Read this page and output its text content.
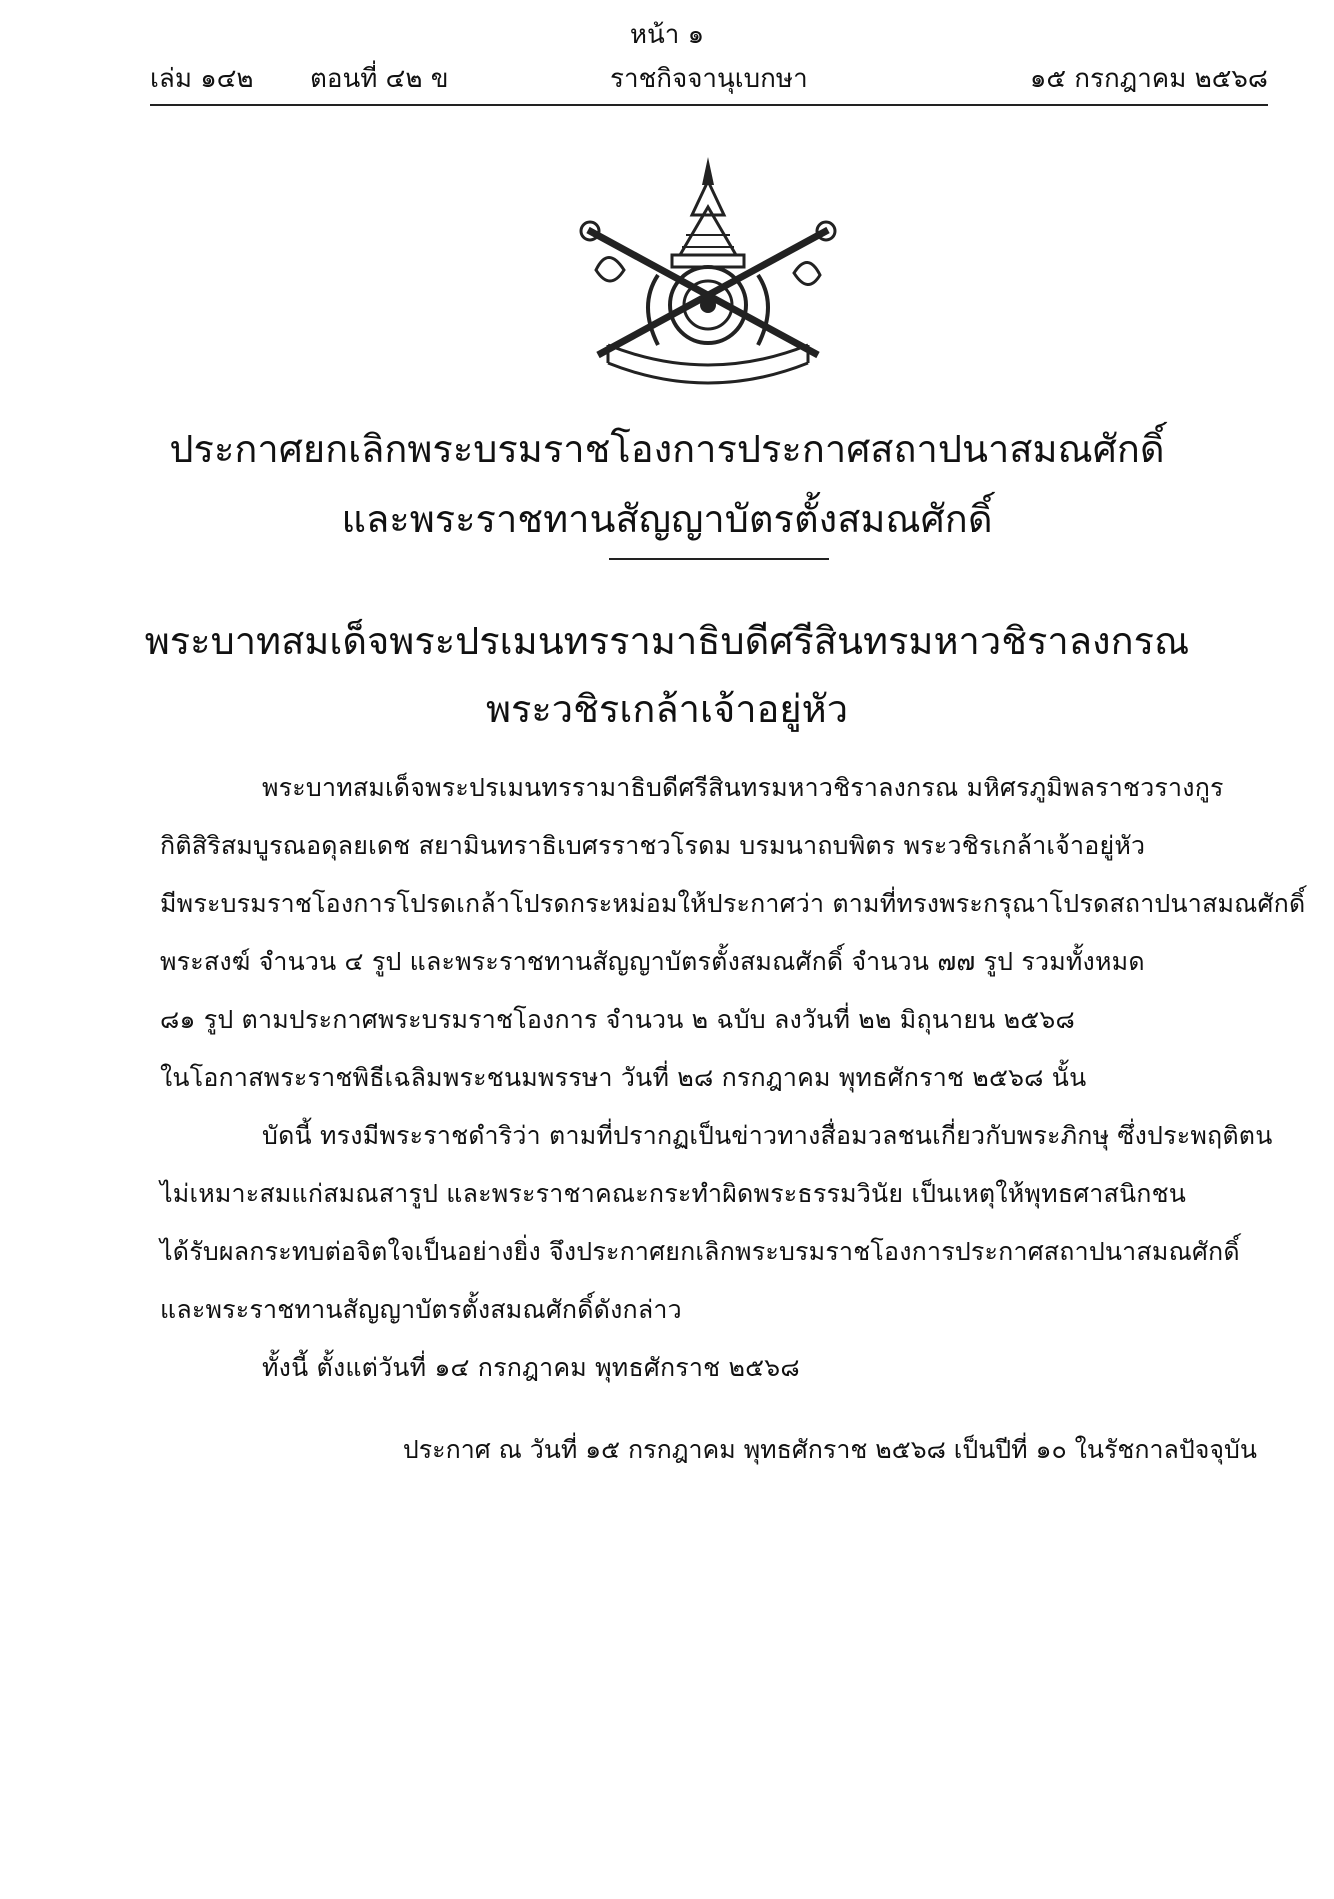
หน้า ๑
เล่ม ๑๔๒ ตอนที่ ๔๒ ข	ราชกิจจานุเบกษา	๑๕ กรกฎาคม ๒๕๖๘
ประกาศยกเลิกพระบรมราชโองการประกาศสถาปนาสมณศักดิ์
และพระราชทานสัญญาบัตรตั้งสมณศักดิ์
พระบาทสมเด็จพระปรเมนทรรามาธิบดีศรีสินทรมหาวชิราลงกรณ
พระวชิรเกล้าเจ้าอยู่หัว
พระบาทสมเด็จพระปรเมนทรรามาธิบดีศรีสินทรมหาวชิราลงกรณ มหิศรภูมิพลราชวรางกูร
กิติสิริสมบูรณอดุลยเดช สยามินทราธิเบศรราชวโรดม บรมนาถบพิตร พระวชิรเกล้าเจ้าอยู่หัว
มีพระบรมราชโองการโปรดเกล้าโปรดกระหม่อมให้ประกาศว่า ตามที่ทรงพระกรุณาโปรดสถาปนาสมณศักดิ์
พระสงฆ์ จำนวน ๔ รูป และพระราชทานสัญญาบัตรตั้งสมณศักดิ์ จำนวน ๗๗ รูป รวมทั้งหมด
๘๑ รูป ตามประกาศพระบรมราชโองการ จำนวน ๒ ฉบับ ลงวันที่ ๒๒ มิถุนายน ๒๕๖๘
ในโอกาสพระราชพิธีเฉลิมพระชนมพรรษา วันที่ ๒๘ กรกฎาคม พุทธศักราช ๒๕๖๘ นั้น
บัดนี้ ทรงมีพระราชดำริว่า ตามที่ปรากฏเป็นข่าวทางสื่อมวลชนเกี่ยวกับพระภิกษุ ซึ่งประพฤติตน
ไม่เหมาะสมแก่สมณสารูป และพระราชาคณะกระทำผิดพระธรรมวินัย เป็นเหตุให้พุทธศาสนิกชน
ได้รับผลกระทบต่อจิตใจเป็นอย่างยิ่ง จึงประกาศยกเลิกพระบรมราชโองการประกาศสถาปนาสมณศักดิ์
และพระราชทานสัญญาบัตรตั้งสมณศักดิ์ดังกล่าว
ทั้งนี้ ตั้งแต่วันที่ ๑๔ กรกฎาคม พุทธศักราช ๒๕๖๘
ประกาศ ณ วันที่ ๑๕ กรกฎาคม พุทธศักราช ๒๕๖๘ เป็นปีที่ ๑๐ ในรัชกาลปัจจุบัน
